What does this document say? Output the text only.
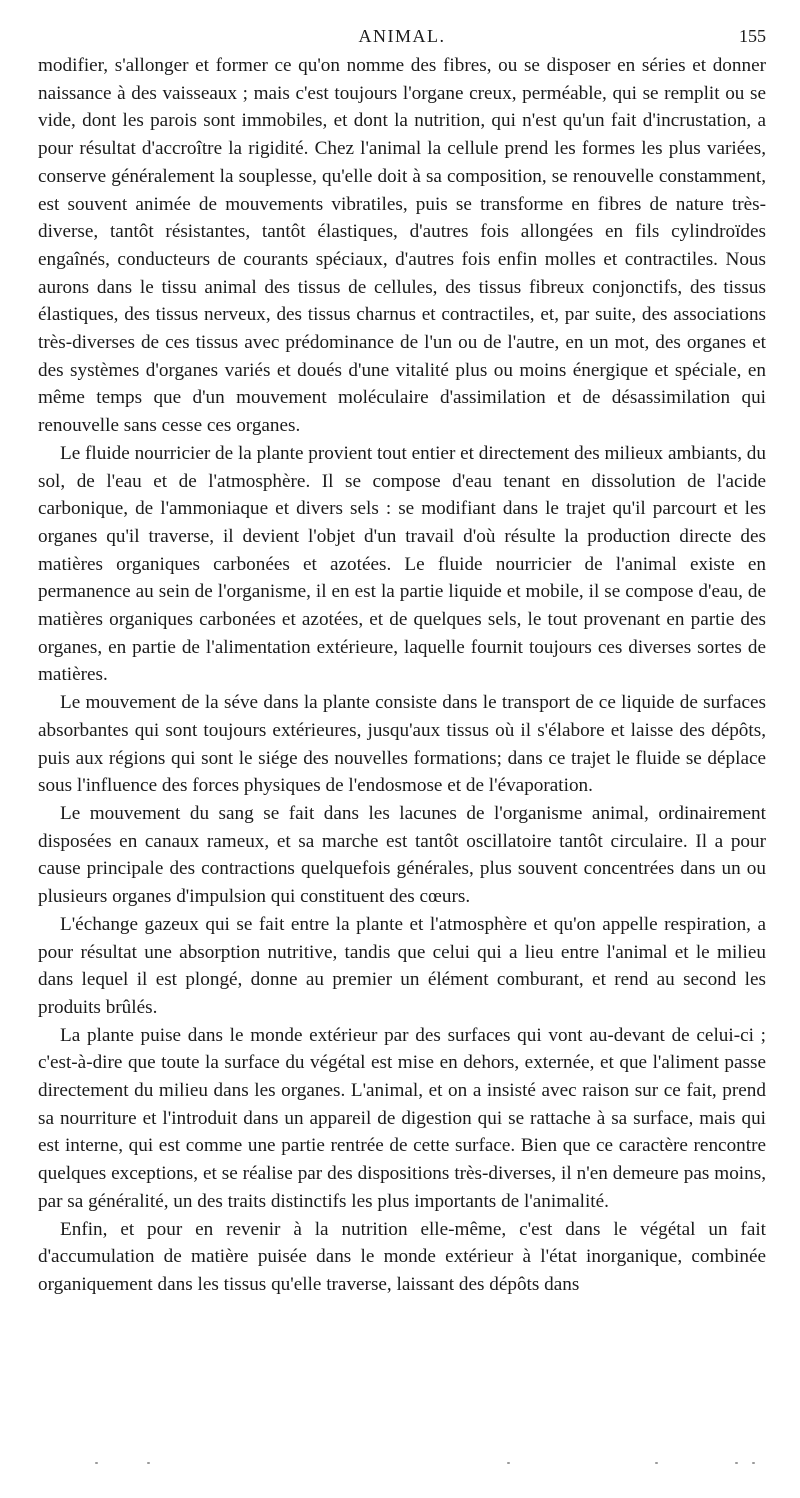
ANIMAL.	155

modifier, s'allonger et former ce qu'on nomme des fibres, ou se disposer en séries et donner naissance à des vaisseaux ; mais c'est toujours l'organe creux, perméable, qui se remplit ou se vide, dont les parois sont immobiles, et dont la nutrition, qui n'est qu'un fait d'incrustation, a pour résultat d'accroître la rigidité. Chez l'animal la cellule prend les formes les plus variées, conserve généralement la souplesse, qu'elle doit à sa composition, se renouvelle constamment, est souvent animée de mouvements vibratiles, puis se transforme en fibres de nature très-diverse, tantôt résistantes, tantôt élastiques, d'autres fois allongées en fils cylindroïdes engaînés, conducteurs de courants spéciaux, d'autres fois enfin molles et contractiles. Nous aurons dans le tissu animal des tissus de cellules, des tissus fibreux conjonctifs, des tissus élastiques, des tissus nerveux, des tissus charnus et contractiles, et, par suite, des associations très-diverses de ces tissus avec prédominance de l'un ou de l'autre, en un mot, des organes et des systèmes d'organes variés et doués d'une vitalité plus ou moins énergique et spéciale, en même temps que d'un mouvement moléculaire d'assimilation et de désassimilation qui renouvelle sans cesse ces organes.

Le fluide nourricier de la plante provient tout entier et directement des milieux ambiants, du sol, de l'eau et de l'atmosphère. Il se compose d'eau tenant en dissolution de l'acide carbonique, de l'ammoniaque et divers sels : se modifiant dans le trajet qu'il parcourt et les organes qu'il traverse, il devient l'objet d'un travail d'où résulte la production directe des matières organiques carbonées et azotées. Le fluide nourricier de l'animal existe en permanence au sein de l'organisme, il en est la partie liquide et mobile, il se compose d'eau, de matières organiques carbonées et azotées, et de quelques sels, le tout provenant en partie des organes, en partie de l'alimentation extérieure, laquelle fournit toujours ces diverses sortes de matières.

Le mouvement de la séve dans la plante consiste dans le transport de ce liquide de surfaces absorbantes qui sont toujours extérieures, jusqu'aux tissus où il s'élabore et laisse des dépôts, puis aux régions qui sont le siége des nouvelles formations; dans ce trajet le fluide se déplace sous l'influence des forces physiques de l'endosmose et de l'évaporation.

Le mouvement du sang se fait dans les lacunes de l'organisme animal, ordinairement disposées en canaux rameux, et sa marche est tantôt oscillatoire tantôt circulaire. Il a pour cause principale des contractions quelquefois générales, plus souvent concentrées dans un ou plusieurs organes d'impulsion qui constituent des cœurs.

L'échange gazeux qui se fait entre la plante et l'atmosphère et qu'on appelle respiration, a pour résultat une absorption nutritive, tandis que celui qui a lieu entre l'animal et le milieu dans lequel il est plongé, donne au premier un élément comburant, et rend au second les produits brûlés.

La plante puise dans le monde extérieur par des surfaces qui vont au-devant de celui-ci ; c'est-à-dire que toute la surface du végétal est mise en dehors, externée, et que l'aliment passe directement du milieu dans les organes. L'animal, et on a insisté avec raison sur ce fait, prend sa nourriture et l'introduit dans un appareil de digestion qui se rattache à sa surface, mais qui est interne, qui est comme une partie rentrée de cette surface. Bien que ce caractère rencontre quelques exceptions, et se réalise par des dispositions très-diverses, il n'en demeure pas moins, par sa généralité, un des traits distinctifs les plus importants de l'animalité.

Enfin, et pour en revenir à la nutrition elle-même, c'est dans le végétal un fait d'accumulation de matière puisée dans le monde extérieur à l'état inorganique, combinée organiquement dans les tissus qu'elle traverse, laissant des dépôts dans
